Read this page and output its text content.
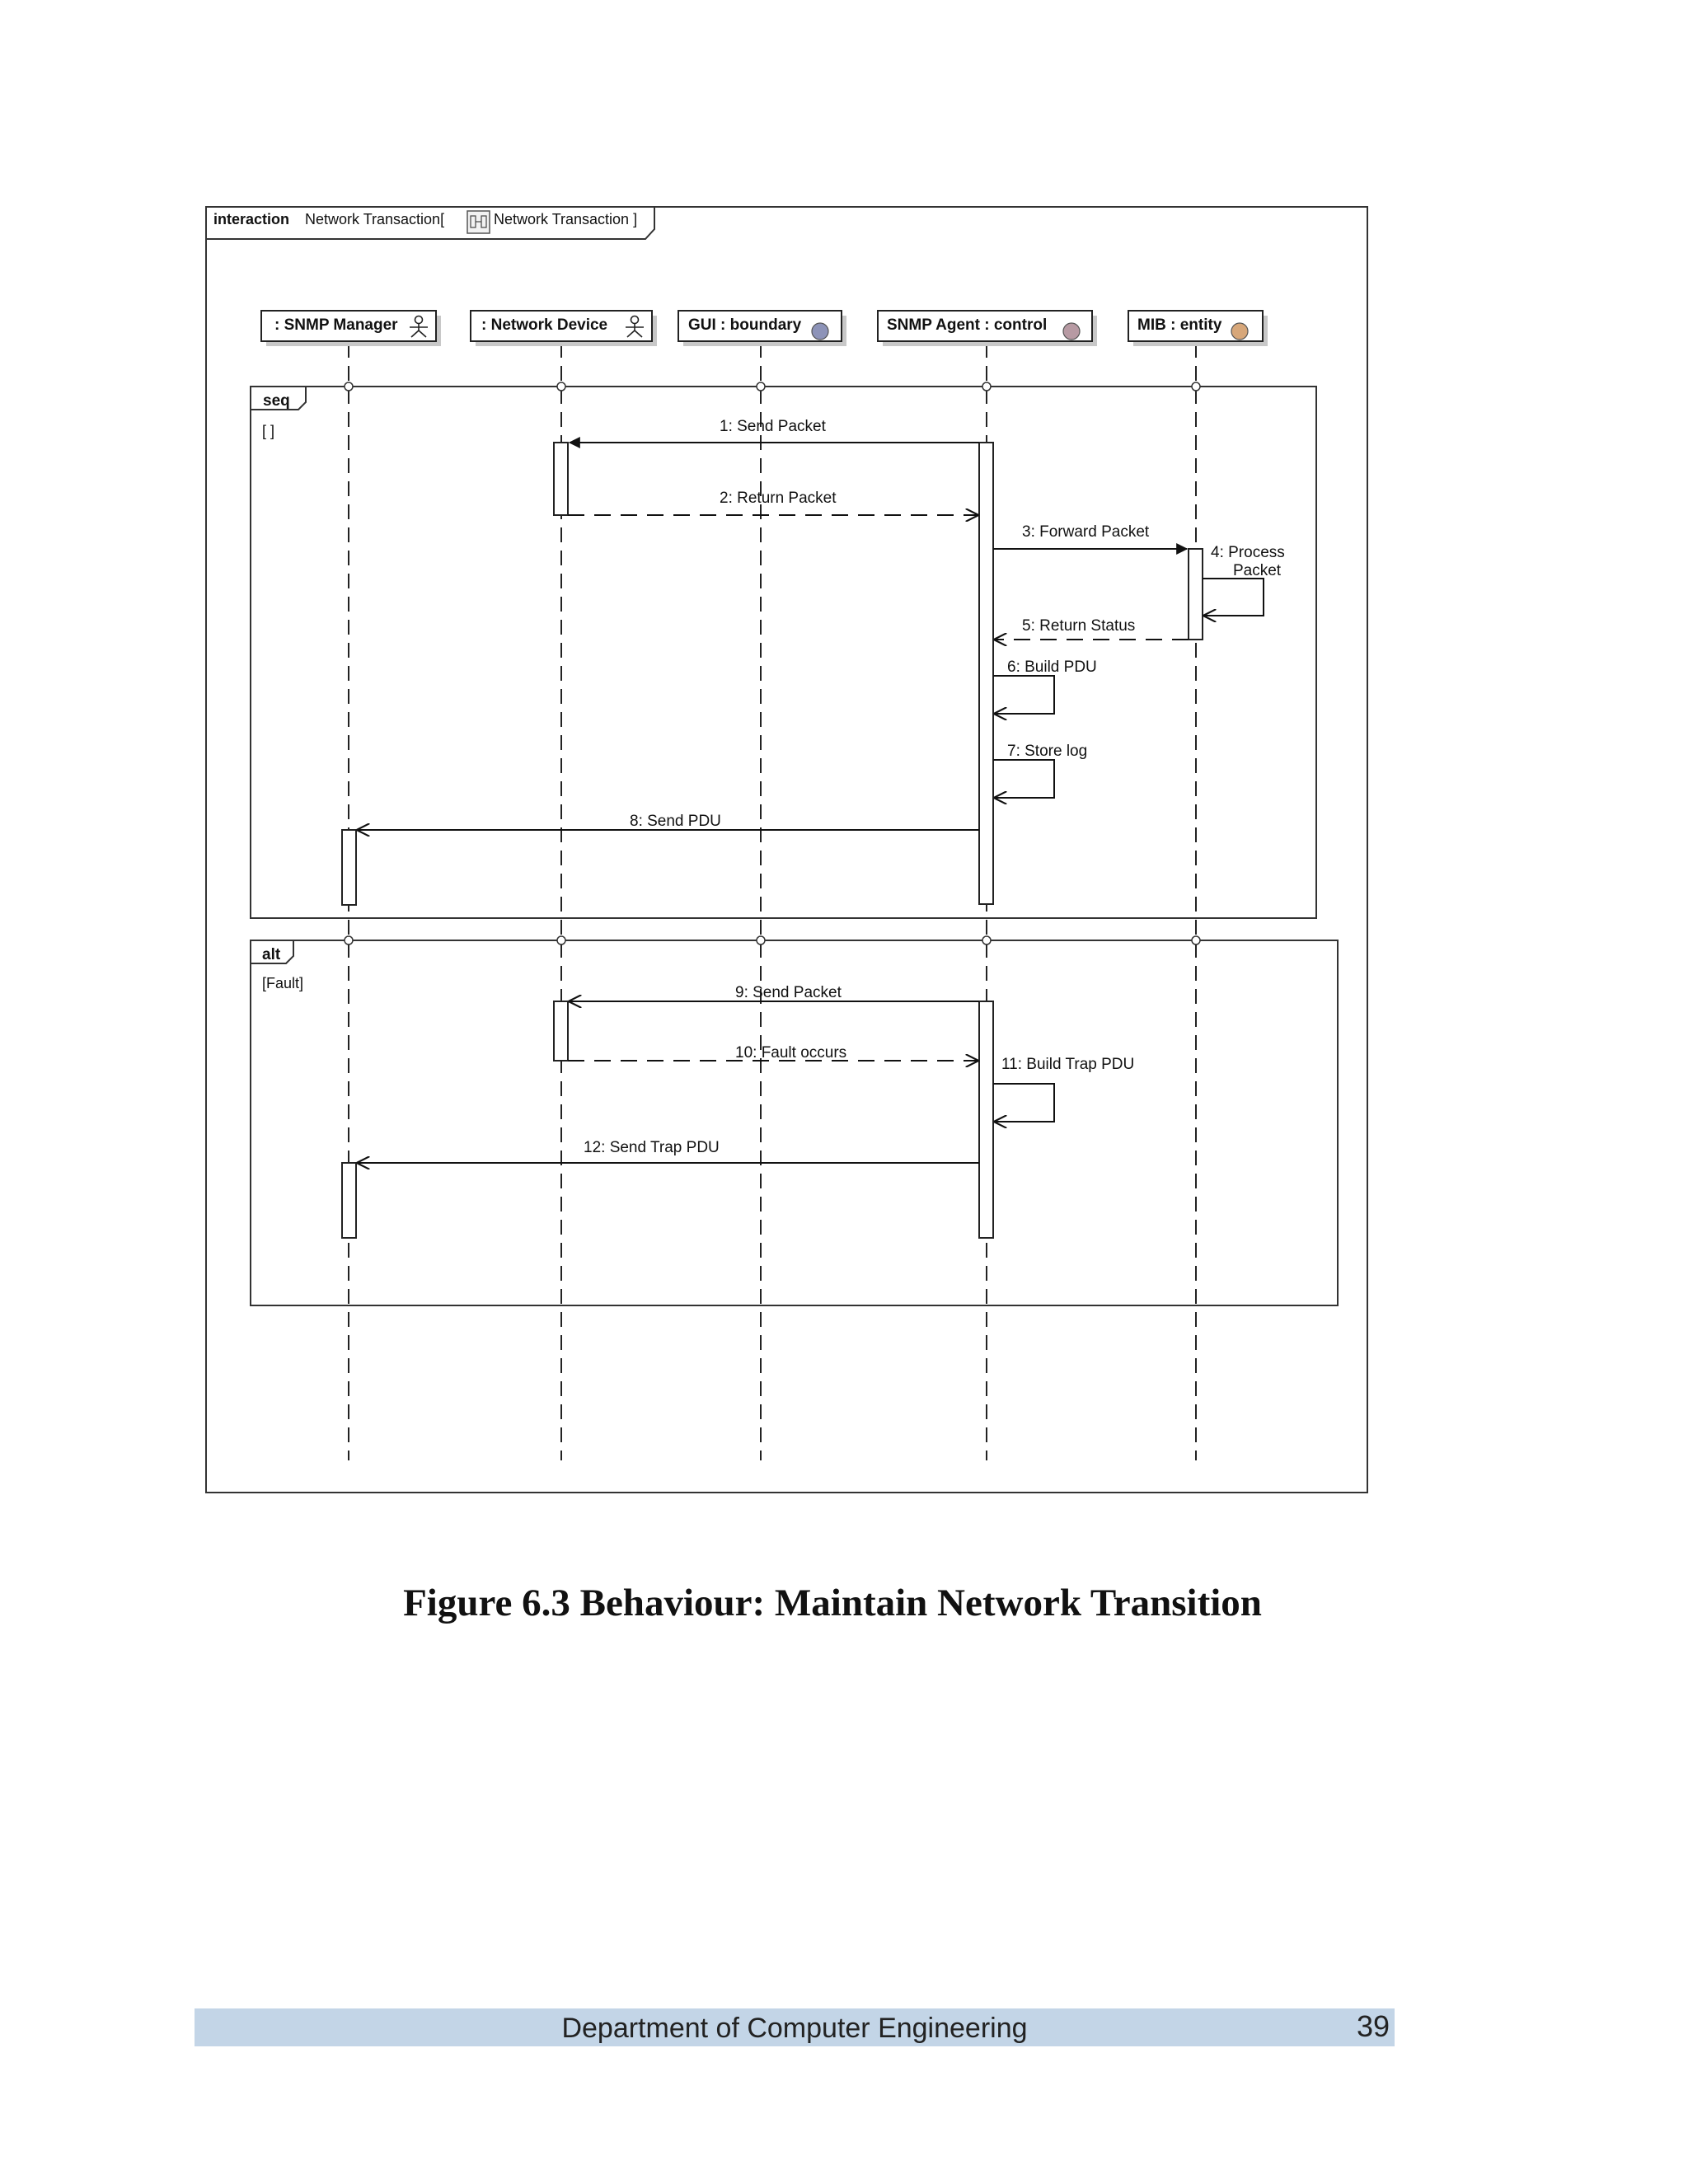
interaction Network Transaction[	Network Transaction ]
: SNMP Manager	: Network Device	GUI : boundary	SNMP Agent : control	MIB : entity
seq
[ ]
alt
[Fault]
1: Send Packet
2: Return Packet
3: Forward Packet
4: Process
Packet
5: Return Status
6: Build PDU
7: Store log
8: Send PDU
9: Send Packet
10: Fault occurs
11: Build Trap PDU
12: Send Trap PDU
Figure 6.3 Behaviour: Maintain Network Transition
Department of Computer Engineering	39
